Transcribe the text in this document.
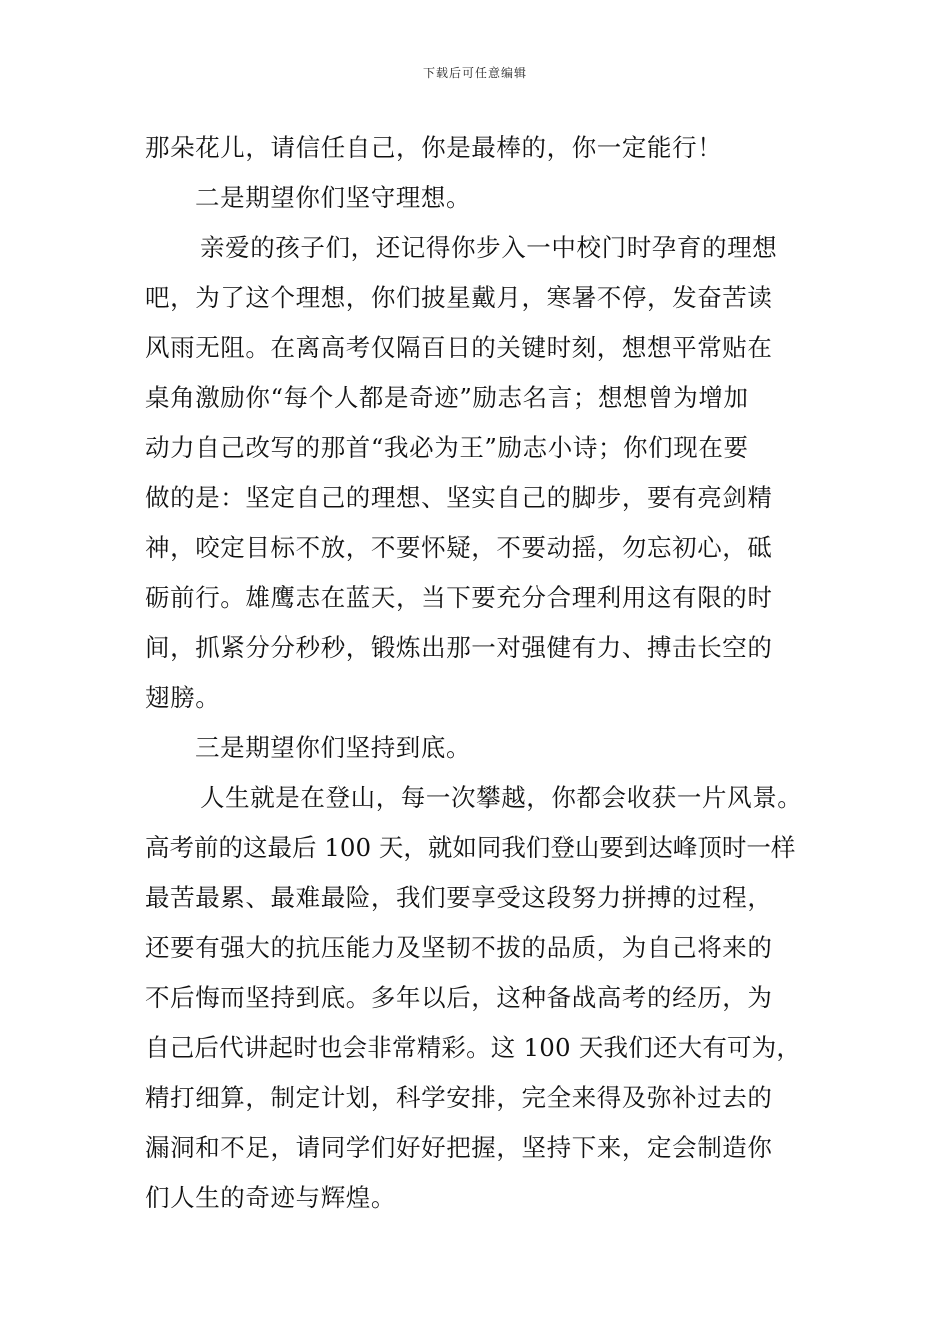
下载后可任意编辑
那朵花儿，请信任自己，你是最棒的，你一定能行！
二是期望你们坚守理想。
亲爱的孩子们，还记得你步入一中校门时孕育的理想
吧，为了这个理想，你们披星戴月，寒暑不停，发奋苦读
风雨无阻。在离高考仅隔百日的关键时刻，想想平常贴在
桌角激励你“每个人都是奇迹”励志名言；想想曾为增加
动力自己改写的那首“我必为王”励志小诗；你们现在要
做的是：坚定自己的理想、坚实自己的脚步，要有亮剑精
神，咬定目标不放，不要怀疑，不要动摇，勿忘初心，砥
砺前行。雄鹰志在蓝天，当下要充分合理利用这有限的时
间，抓紧分分秒秒，锻炼出那一对强健有力、搏击长空的
翅膀。
三是期望你们坚持到底。
人生就是在登山，每一次攀越，你都会收获一片风景。
高考前的这最后 100 天，就如同我们登山要到达峰顶时一样
最苦最累、最难最险，我们要享受这段努力拼搏的过程，
还要有强大的抗压能力及坚韧不拔的品质，为自己将来的
不后悔而坚持到底。多年以后，这种备战高考的经历，为
自己后代讲起时也会非常精彩。这 100 天我们还大有可为，
精打细算，制定计划，科学安排，完全来得及弥补过去的
漏洞和不足，请同学们好好把握，坚持下来，定会制造你
们人生的奇迹与辉煌。
